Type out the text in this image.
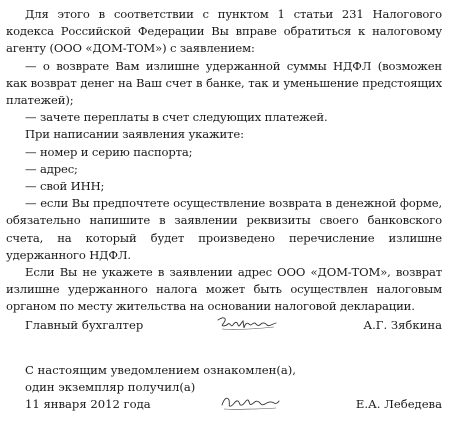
Для этого в соответствии с пунктом 1 статьи 231 Налогового кодекса Российской Федерации Вы вправе обратиться к налоговому агенту (ООО «ДОМ-ТОМ») с заявлением:

— о возврате Вам излишне удержанной суммы НДФЛ (возможен как возврат денег на Ваш счет в банке, так и уменьшение предстоящих платежей);

— зачете переплаты в счет следующих платежей.

При написании заявления укажите:

— номер и серию паспорта;

— адрес;

— свой ИНН;

— если Вы предпочтете осуществление возврата в денежной форме, обязательно напишите в заявлении реквизиты своего банковского счета, на который будет произведено перечисление излишне удержанного НДФЛ.

Если Вы не укажете в заявлении адрес ООО «ДОМ-ТОМ», возврат излишне удержанного налога может быть осуществлен налоговым органом по месту жительства на основании налоговой декларации.

Главный бухгалтер	А.Г. Зябкина
С настоящим уведомлением ознакомлен(а),
один экземпляр получил(а)
11 января 2012 года	Е.А. Лебедева
